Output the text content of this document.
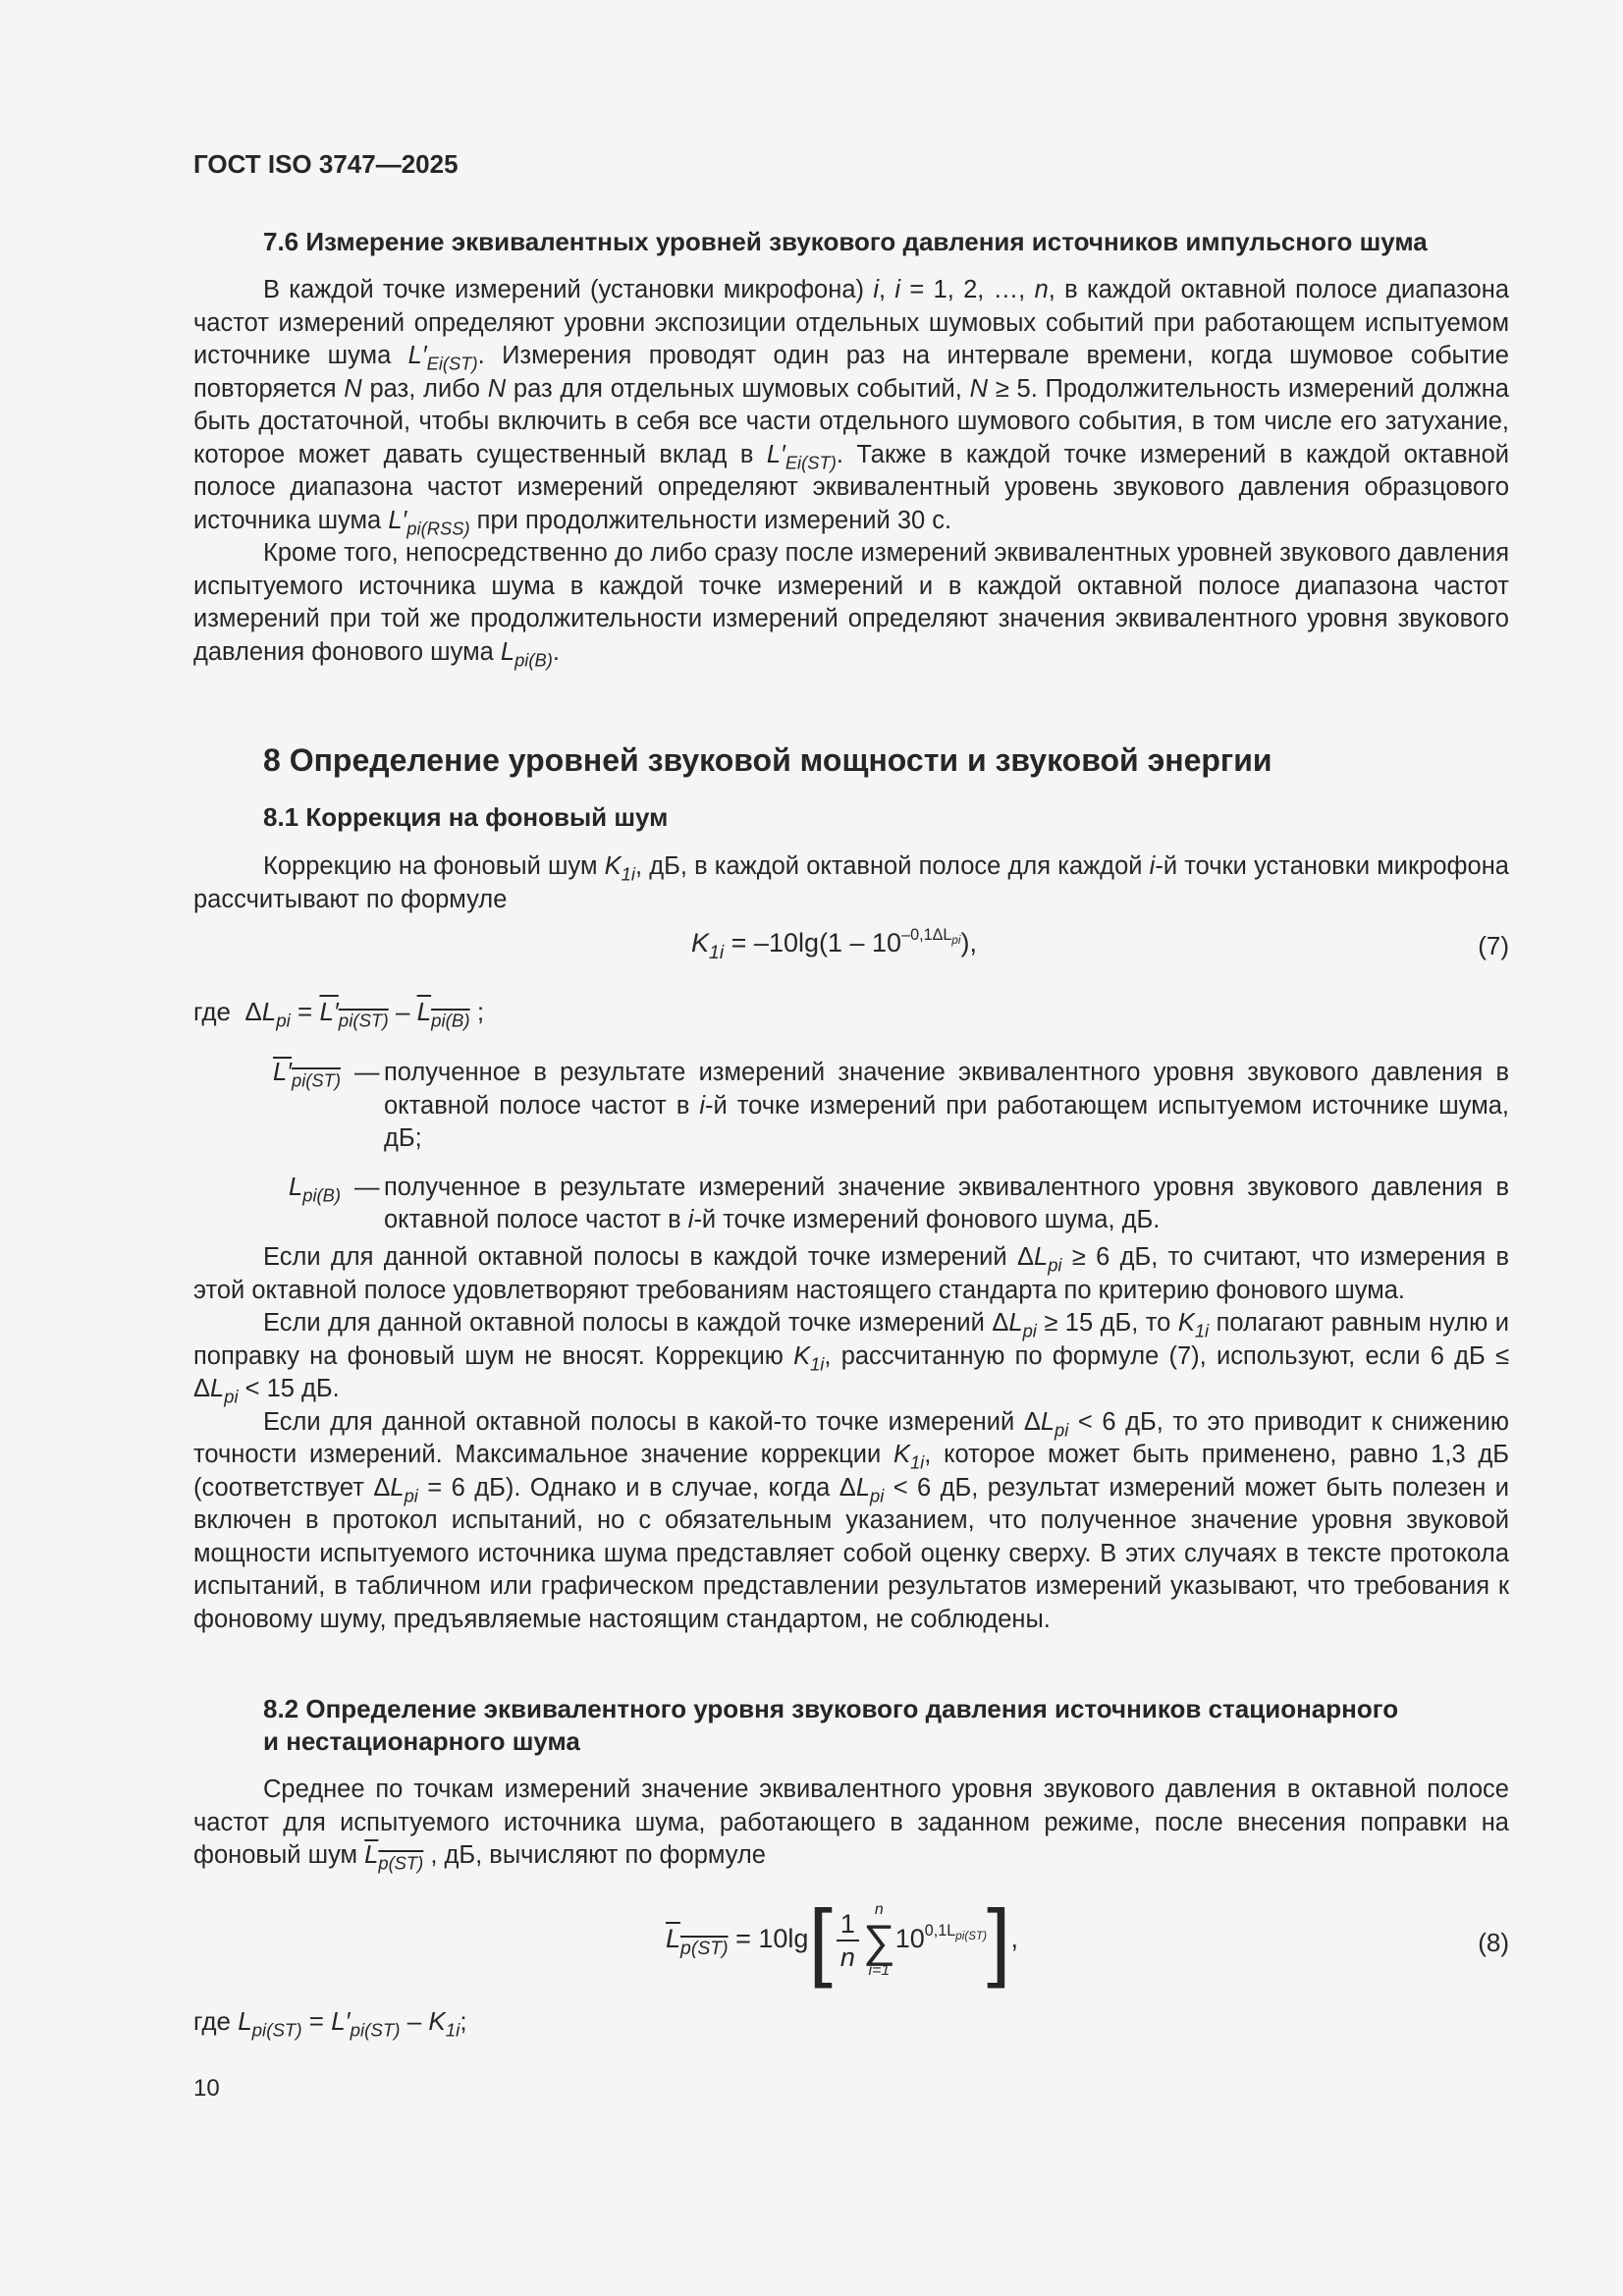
ГОСТ ISO 3747—2025
7.6 Измерение эквивалентных уровней звукового давления источников импульсного шума

В каждой точке измерений (установки микрофона) i, i = 1, 2, …, n, в каждой октавной полосе диапазона частот измерений определяют уровни экспозиции отдельных шумовых событий при работающем испытуемом источнике шума $L'_{Ei(ST)}$. Измерения проводят один раз на интервале времени, когда шумовое событие повторяется N раз, либо N раз для отдельных шумовых событий, N ≥ 5. Продолжительность измерений должна быть достаточной, чтобы включить в себя все части отдельного шумового события, в том числе его затухание, которое может давать существенный вклад в $L'_{Ei(ST)}$. Также в каждой точке измерений в каждой октавной полосе диапазона частот измерений определяют эквивалентный уровень звукового давления образцового источника шума $L'_{pi(RSS)}$ при продолжительности измерений 30 с.

Кроме того, непосредственно до либо сразу после измерений эквивалентных уровней звукового давления испытуемого источника шума в каждой точке измерений и в каждой октавной полосе диапазона частот измерений при той же продолжительности измерений определяют значения эквивалентного уровня звукового давления фонового шума $L_{pi(B)}$.

8 Определение уровней звуковой мощности и звуковой энергии
8.1 Коррекция на фоновый шум

Коррекцию на фоновый шум $K_{1i}$, дБ, в каждой октавной полосе для каждой i-й точки установки микрофона рассчитывают по формуле

$K_{1i} = -10\lg(1 - 10^{-0,1\Delta L_{pi}})$,	(7)
где $\Delta L_{pi} = L'_{pi(ST)} - L_{pi(B)}$ ;
$L'_{pi(ST)}$ — полученное в результате измерений значение эквивалентного уровня звукового давления в октавной полосе частот в i-й точке измерений при работающем испытуемом источнике шума, дБ;
$L_{pi(B)}$ — полученное в результате измерений значение эквивалентного уровня звукового давления в октавной полосе частот в i-й точке измерений фонового шума, дБ.

Если для данной октавной полосы в каждой точке измерений $\Delta L_{pi} \ge 6$ дБ, то считают, что измерения в этой октавной полосе удовлетворяют требованиям настоящего стандарта по критерию фонового шума.

Если для данной октавной полосы в каждой точке измерений $\Delta L_{pi} \ge 15$ дБ, то $K_{1i}$ полагают равным нулю и поправку на фоновый шум не вносят. Коррекцию $K_{1i}$, рассчитанную по формуле (7), используют, если 6 дБ ≤ $\Delta L_{pi} < 15$ дБ.

Если для данной октавной полосы в какой-то точке измерений $\Delta L_{pi} < 6$ дБ, то это приводит к снижению точности измерений. Максимальное значение коррекции $K_{1i}$, которое может быть применено, равно 1,3 дБ (соответствует $\Delta L_{pi} = 6$ дБ). Однако и в случае, когда $\Delta L_{pi} < 6$ дБ, результат измерений может быть полезен и включен в протокол испытаний, но с обязательным указанием, что полученное значение уровня звуковой мощности испытуемого источника шума представляет собой оценку сверху. В этих случаях в тексте протокола испытаний, в табличном или графическом представлении результатов измерений указывают, что требования к фоновому шуму, предъявляемые настоящим стандартом, не соблюдены.

8.2 Определение эквивалентного уровня звукового давления источников стационарного
и нестационарного шума

Среднее по точкам измерений значение эквивалентного уровня звукового давления в октавной полосе частот для испытуемого источника шума, работающего в заданном режиме, после внесения поправки на фоновый шум $L_{p(ST)}$ , дБ, вычисляют по формуле

$L_{p(ST)} = 10\lg[ \frac{1}{n}$ n
∑
i=1
$10^{0,1L_{pi(ST)}}$],	(8)
где $L_{pi(ST)} = L'_{pi(ST)} - K_{1i}$;
10
